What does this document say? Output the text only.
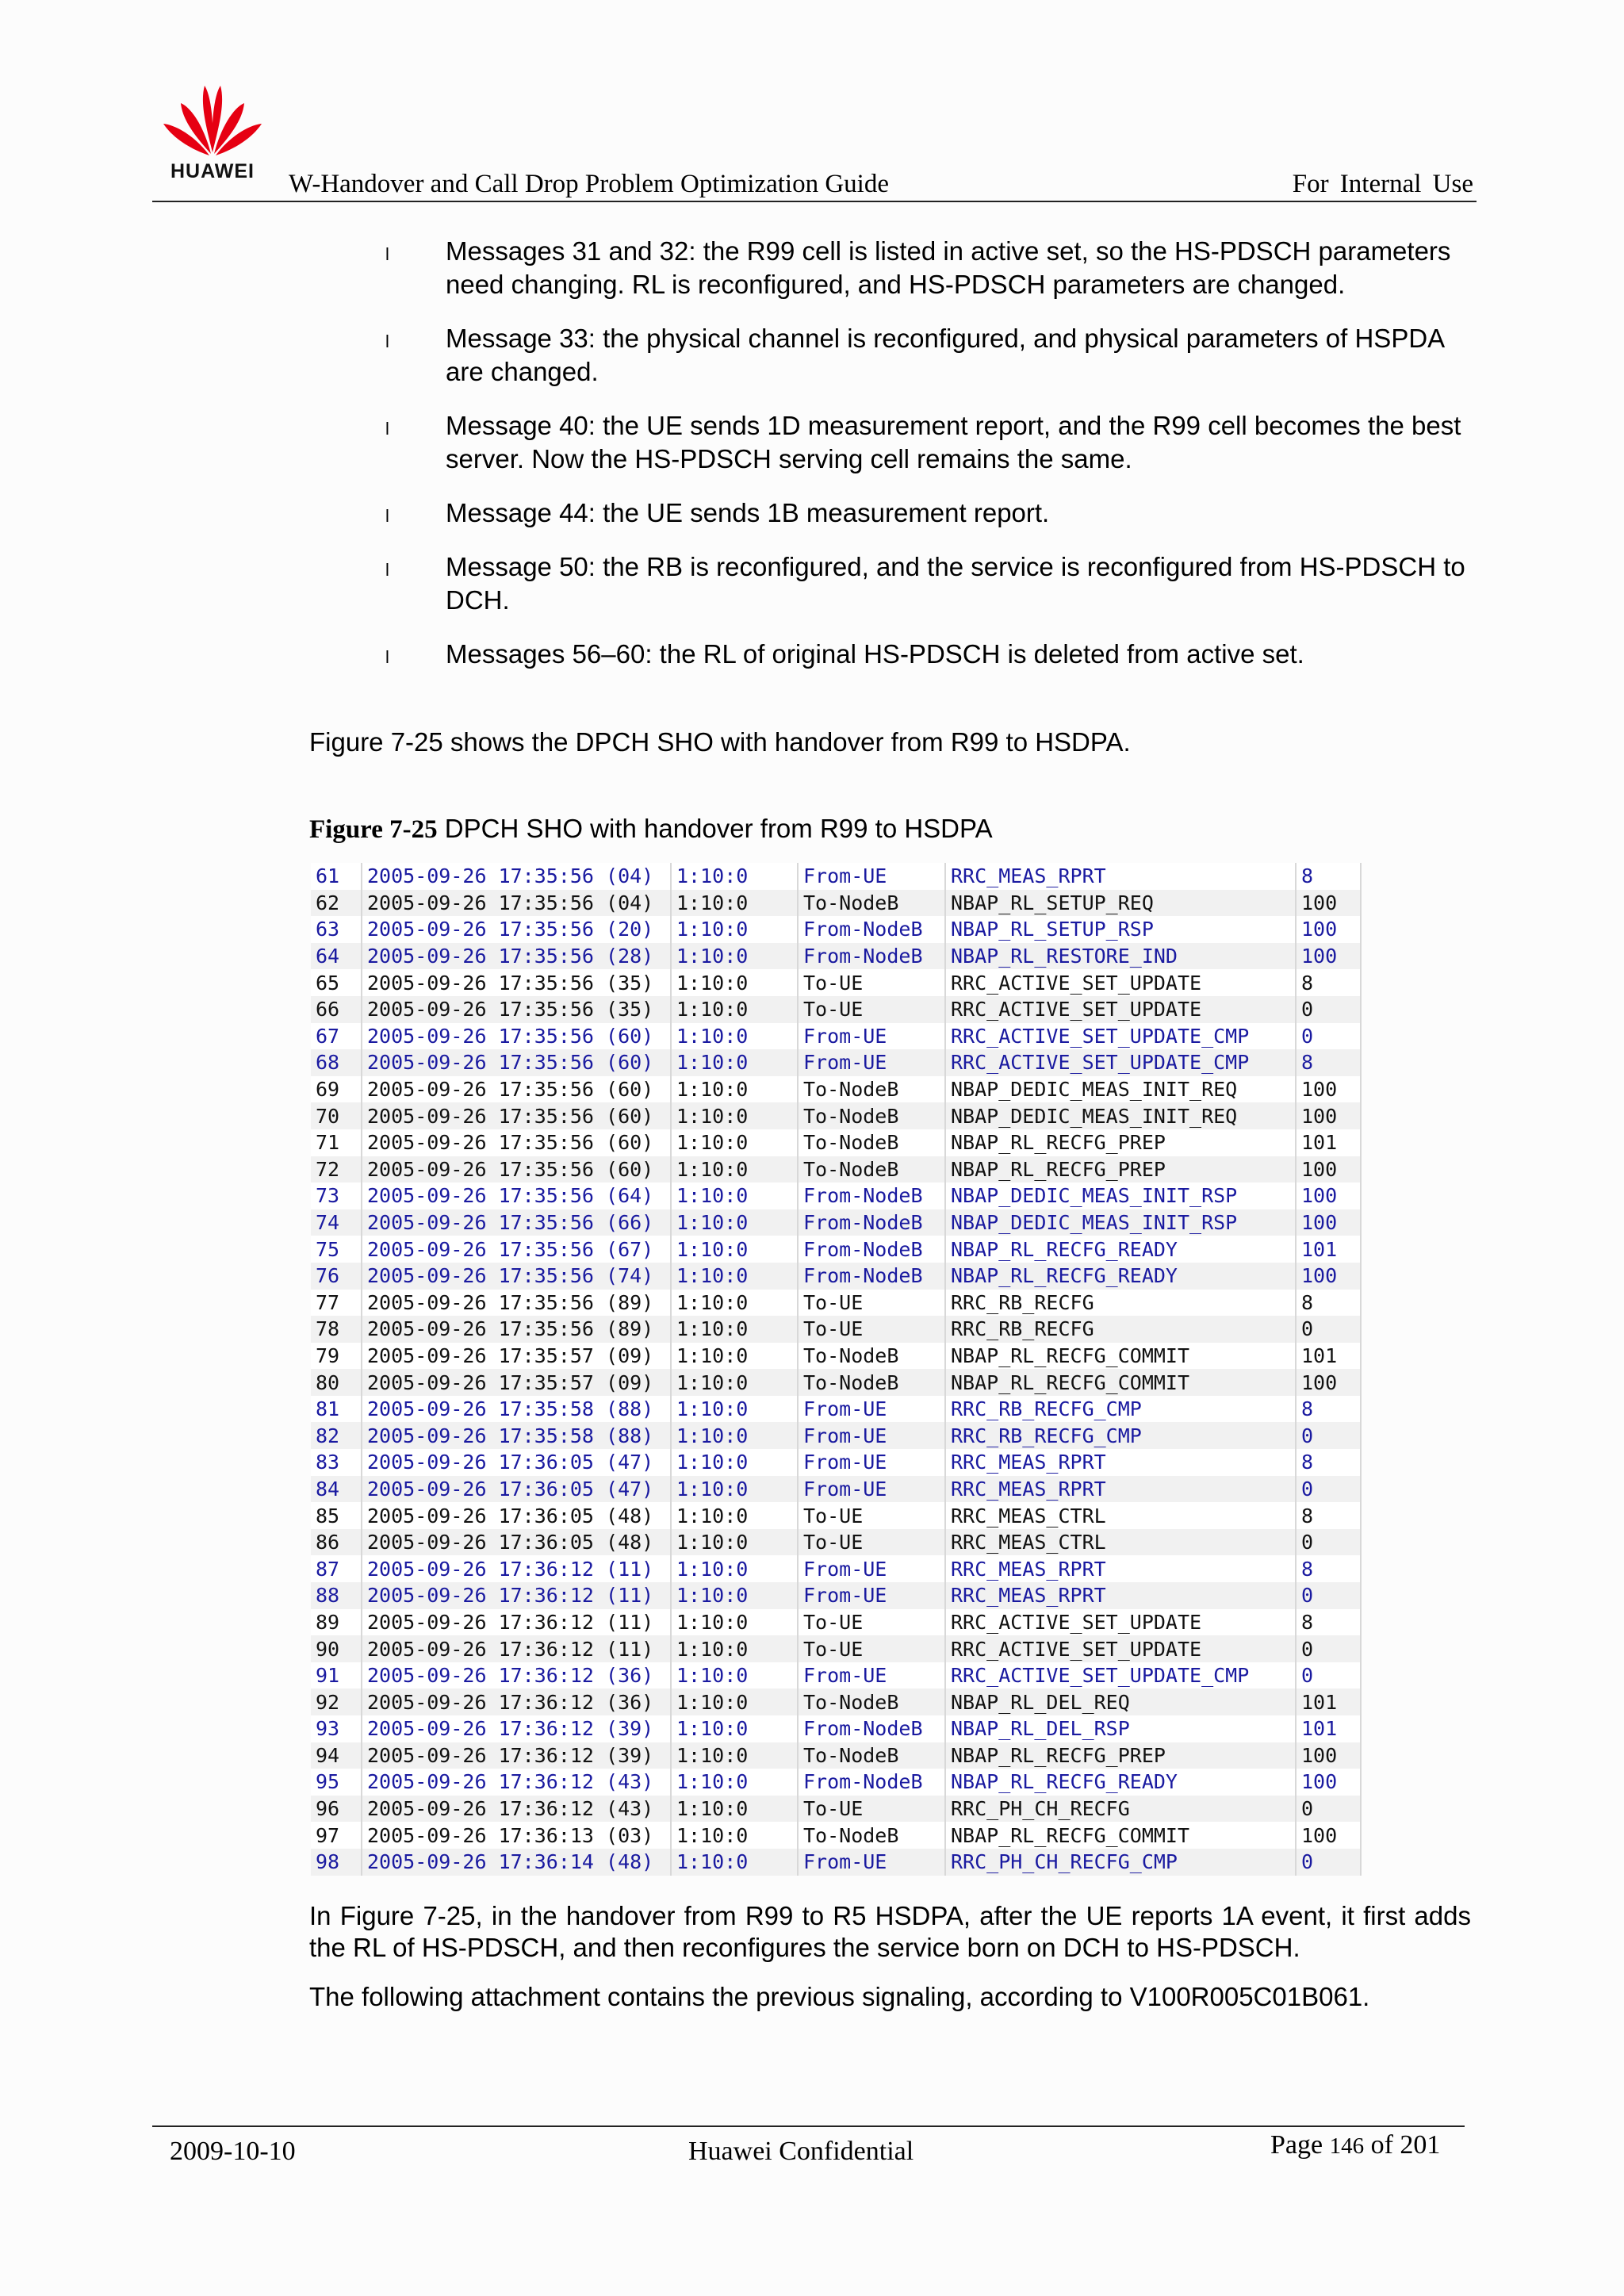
HUAWEI	W-Handover and Call Drop Problem Optimization Guide	For Internal Use
l Messages 31 and 32: the R99 cell is listed in active set, so the HS-PDSCH parameters need changing. RL is reconfigured, and HS-PDSCH parameters are changed.
l Message 33: the physical channel is reconfigured, and physical parameters of HSPDA are changed.
l Message 40: the UE sends 1D measurement report, and the R99 cell becomes the best server. Now the HS-PDSCH serving cell remains the same.
l Message 44: the UE sends 1B measurement report.
l Message 50: the RB is reconfigured, and the service is reconfigured from HS-PDSCH to DCH.
l Messages 56–60: the RL of original HS-PDSCH is deleted from active set.
Figure 7-25 shows the DPCH SHO with handover from R99 to HSDPA.
Figure 7-25 DPCH SHO with handover from R99 to HSDPA
61	2005-09-26 17:35:56 (04)	1:10:0	From-UE	RRC_MEAS_RPRT	8
62	2005-09-26 17:35:56 (04)	1:10:0	To-NodeB	NBAP_RL_SETUP_REQ	100
63	2005-09-26 17:35:56 (20)	1:10:0	From-NodeB	NBAP_RL_SETUP_RSP	100
64	2005-09-26 17:35:56 (28)	1:10:0	From-NodeB	NBAP_RL_RESTORE_IND	100
65	2005-09-26 17:35:56 (35)	1:10:0	To-UE	RRC_ACTIVE_SET_UPDATE	8
66	2005-09-26 17:35:56 (35)	1:10:0	To-UE	RRC_ACTIVE_SET_UPDATE	0
67	2005-09-26 17:35:56 (60)	1:10:0	From-UE	RRC_ACTIVE_SET_UPDATE_CMP	0
68	2005-09-26 17:35:56 (60)	1:10:0	From-UE	RRC_ACTIVE_SET_UPDATE_CMP	8
69	2005-09-26 17:35:56 (60)	1:10:0	To-NodeB	NBAP_DEDIC_MEAS_INIT_REQ	100
70	2005-09-26 17:35:56 (60)	1:10:0	To-NodeB	NBAP_DEDIC_MEAS_INIT_REQ	100
71	2005-09-26 17:35:56 (60)	1:10:0	To-NodeB	NBAP_RL_RECFG_PREP	101
72	2005-09-26 17:35:56 (60)	1:10:0	To-NodeB	NBAP_RL_RECFG_PREP	100
73	2005-09-26 17:35:56 (64)	1:10:0	From-NodeB	NBAP_DEDIC_MEAS_INIT_RSP	100
74	2005-09-26 17:35:56 (66)	1:10:0	From-NodeB	NBAP_DEDIC_MEAS_INIT_RSP	100
75	2005-09-26 17:35:56 (67)	1:10:0	From-NodeB	NBAP_RL_RECFG_READY	101
76	2005-09-26 17:35:56 (74)	1:10:0	From-NodeB	NBAP_RL_RECFG_READY	100
77	2005-09-26 17:35:56 (89)	1:10:0	To-UE	RRC_RB_RECFG	8
78	2005-09-26 17:35:56 (89)	1:10:0	To-UE	RRC_RB_RECFG	0
79	2005-09-26 17:35:57 (09)	1:10:0	To-NodeB	NBAP_RL_RECFG_COMMIT	101
80	2005-09-26 17:35:57 (09)	1:10:0	To-NodeB	NBAP_RL_RECFG_COMMIT	100
81	2005-09-26 17:35:58 (88)	1:10:0	From-UE	RRC_RB_RECFG_CMP	8
82	2005-09-26 17:35:58 (88)	1:10:0	From-UE	RRC_RB_RECFG_CMP	0
83	2005-09-26 17:36:05 (47)	1:10:0	From-UE	RRC_MEAS_RPRT	8
84	2005-09-26 17:36:05 (47)	1:10:0	From-UE	RRC_MEAS_RPRT	0
85	2005-09-26 17:36:05 (48)	1:10:0	To-UE	RRC_MEAS_CTRL	8
86	2005-09-26 17:36:05 (48)	1:10:0	To-UE	RRC_MEAS_CTRL	0
87	2005-09-26 17:36:12 (11)	1:10:0	From-UE	RRC_MEAS_RPRT	8
88	2005-09-26 17:36:12 (11)	1:10:0	From-UE	RRC_MEAS_RPRT	0
89	2005-09-26 17:36:12 (11)	1:10:0	To-UE	RRC_ACTIVE_SET_UPDATE	8
90	2005-09-26 17:36:12 (11)	1:10:0	To-UE	RRC_ACTIVE_SET_UPDATE	0
91	2005-09-26 17:36:12 (36)	1:10:0	From-UE	RRC_ACTIVE_SET_UPDATE_CMP	0
92	2005-09-26 17:36:12 (36)	1:10:0	To-NodeB	NBAP_RL_DEL_REQ	101
93	2005-09-26 17:36:12 (39)	1:10:0	From-NodeB	NBAP_RL_DEL_RSP	101
94	2005-09-26 17:36:12 (39)	1:10:0	To-NodeB	NBAP_RL_RECFG_PREP	100
95	2005-09-26 17:36:12 (43)	1:10:0	From-NodeB	NBAP_RL_RECFG_READY	100
96	2005-09-26 17:36:12 (43)	1:10:0	To-UE	RRC_PH_CH_RECFG	0
97	2005-09-26 17:36:13 (03)	1:10:0	To-NodeB	NBAP_RL_RECFG_COMMIT	100
98	2005-09-26 17:36:14 (48)	1:10:0	From-UE	RRC_PH_CH_RECFG_CMP	0
In Figure 7-25, in the handover from R99 to R5 HSDPA, after the UE reports 1A event, it first adds the RL of HS-PDSCH, and then reconfigures the service born on DCH to HS-PDSCH.
The following attachment contains the previous signaling, according to V100R005C01B061.
2009-10-10	Huawei Confidential	Page 146 of 201
